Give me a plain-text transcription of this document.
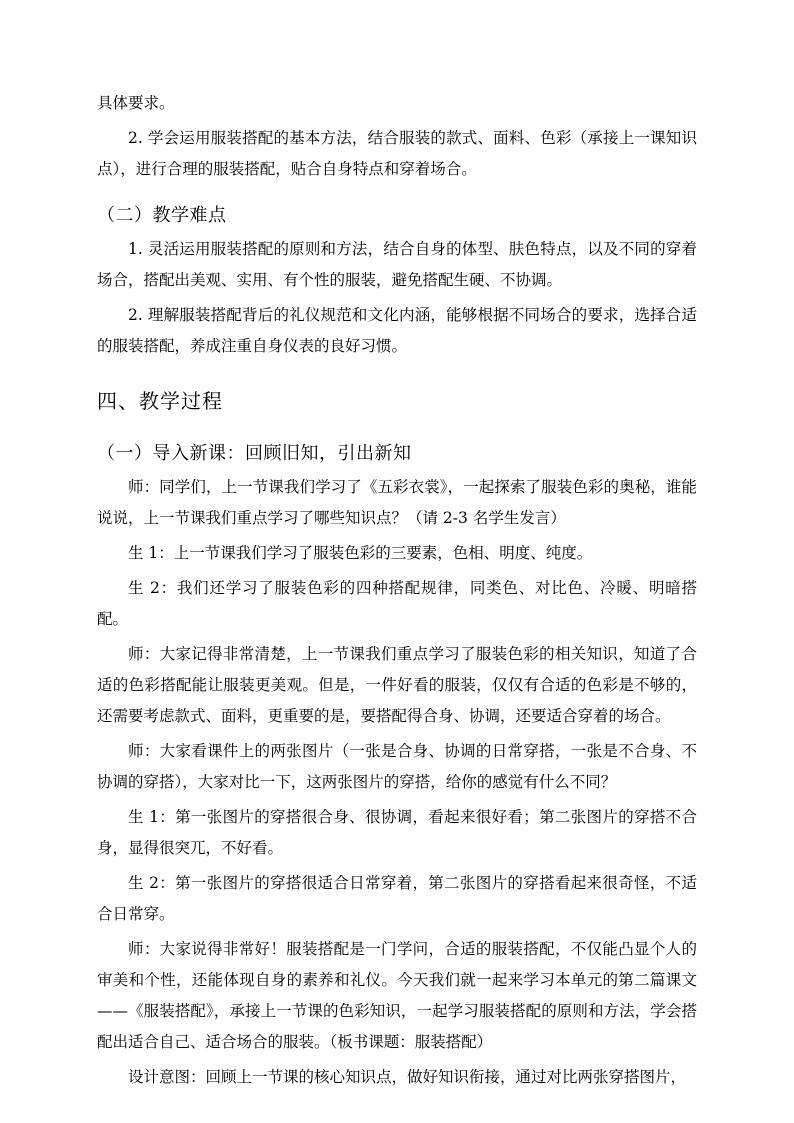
具体要求。

2. 学会运用服装搭配的基本方法，结合服装的款式、面料、色彩（承接上一课知识点），进行合理的服装搭配，贴合自身特点和穿着场合。

（二）教学难点

1. 灵活运用服装搭配的原则和方法，结合自身的体型、肤色特点，以及不同的穿着场合，搭配出美观、实用、有个性的服装，避免搭配生硬、不协调。

2. 理解服装搭配背后的礼仪规范和文化内涵，能够根据不同场合的要求，选择合适的服装搭配，养成注重自身仪表的良好习惯。

四、教学过程

（一）导入新课：回顾旧知，引出新知

师：同学们，上一节课我们学习了《五彩衣裳》，一起探索了服装色彩的奥秘，谁能说说，上一节课我们重点学习了哪些知识点？（请 2-3 名学生发言）

生 1：上一节课我们学习了服装色彩的三要素，色相、明度、纯度。

生 2：我们还学习了服装色彩的四种搭配规律，同类色、对比色、冷暖、明暗搭配。

师：大家记得非常清楚，上一节课我们重点学习了服装色彩的相关知识，知道了合适的色彩搭配能让服装更美观。但是，一件好看的服装，仅仅有合适的色彩是不够的，还需要考虑款式、面料，更重要的是，要搭配得合身、协调，还要适合穿着的场合。

师：大家看课件上的两张图片（一张是合身、协调的日常穿搭，一张是不合身、不协调的穿搭），大家对比一下，这两张图片的穿搭，给你的感觉有什么不同？

生 1：第一张图片的穿搭很合身、很协调，看起来很好看；第二张图片的穿搭不合身，显得很突兀，不好看。

生 2：第一张图片的穿搭很适合日常穿着，第二张图片的穿搭看起来很奇怪，不适合日常穿。

师：大家说得非常好！服装搭配是一门学问，合适的服装搭配，不仅能凸显个人的审美和个性，还能体现自身的素养和礼仪。今天我们就一起来学习本单元的第二篇课文——《服装搭配》，承接上一节课的色彩知识，一起学习服装搭配的原则和方法，学会搭配出适合自己、适合场合的服装。（板书课题：服装搭配）

设计意图：回顾上一节课的核心知识点，做好知识衔接，通过对比两张穿搭图片，
